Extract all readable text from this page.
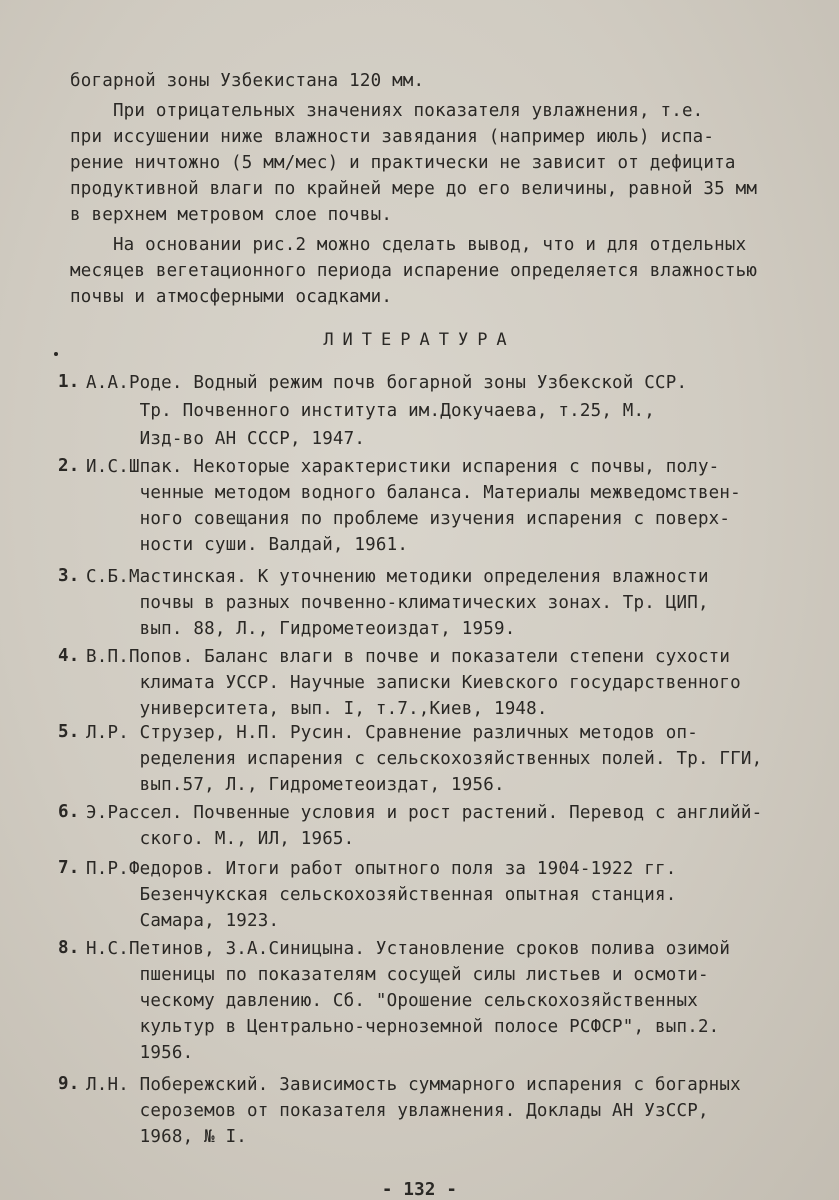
богарной зоны Узбекистана 120 мм.
При отрицательных значениях показателя увлажнения, т.е.
при иссушении ниже влажности завядания (например июль) испа-
рение ничтожно (5 мм/мес) и практически не зависит от дефицита
продуктивной влаги по крайней мере до его величины, равной 35 мм
в верхнем метровом слое почвы.
На основании рис.2 можно сделать вывод, что и для отдельных
месяцев вегетационного периода испарение определяется влажностью
почвы и атмосферными осадками.
ЛИТЕРАТУРА
1. А.А.Роде. Водный режим почв богарной зоны Узбекской ССР.
Тр. Почвенного института им.Докучаева, т.25, М.,
Изд-во АН СССР, 1947.
2. И.С.Шпак. Некоторые характеристики испарения с почвы, полу-
ченные методом водного баланса. Материалы межведомствен-
ного совещания по проблеме изучения испарения с поверх-
ности суши. Валдай, 1961.
3. С.Б.Мастинская. К уточнению методики определения влажности
почвы в разных почвенно-климатических зонах. Тр. ЦИП,
вып. 88, Л., Гидрометеоиздат, 1959.
4. В.П.Попов. Баланс влаги в почве и показатели степени сухости
климата УССР. Научные записки Киевского государственного
университета, вып. I, т.7.,Киев, 1948.
5. Л.Р. Струзер, Н.П. Русин. Сравнение различных методов оп-
ределения испарения с сельскохозяйственных полей. Тр. ГГИ,
вып.57, Л., Гидрометеоиздат, 1956.
6. Э.Рассел. Почвенные условия и рост растений. Перевод с английй-
ского. М., ИЛ, 1965.
7. П.Р.Федоров. Итоги работ опытного поля за 1904-1922 гг.
Безенчукская сельскохозяйственная опытная станция.
Самара, 1923.
8. Н.С.Петинов, З.А.Синицына. Установление сроков полива озимой
пшеницы по показателям сосущей силы листьев и осмоти-
ческому давлению. Сб. "Орошение сельскохозяйственных
культур в Центрально-черноземной полосе РСФСР", вып.2.
1956.
9. Л.Н. Побережский. Зависимость суммарного испарения с богарных
сероземов от показателя увлажнения. Доклады АН УзССР,
1968, № I.
- 132 -
